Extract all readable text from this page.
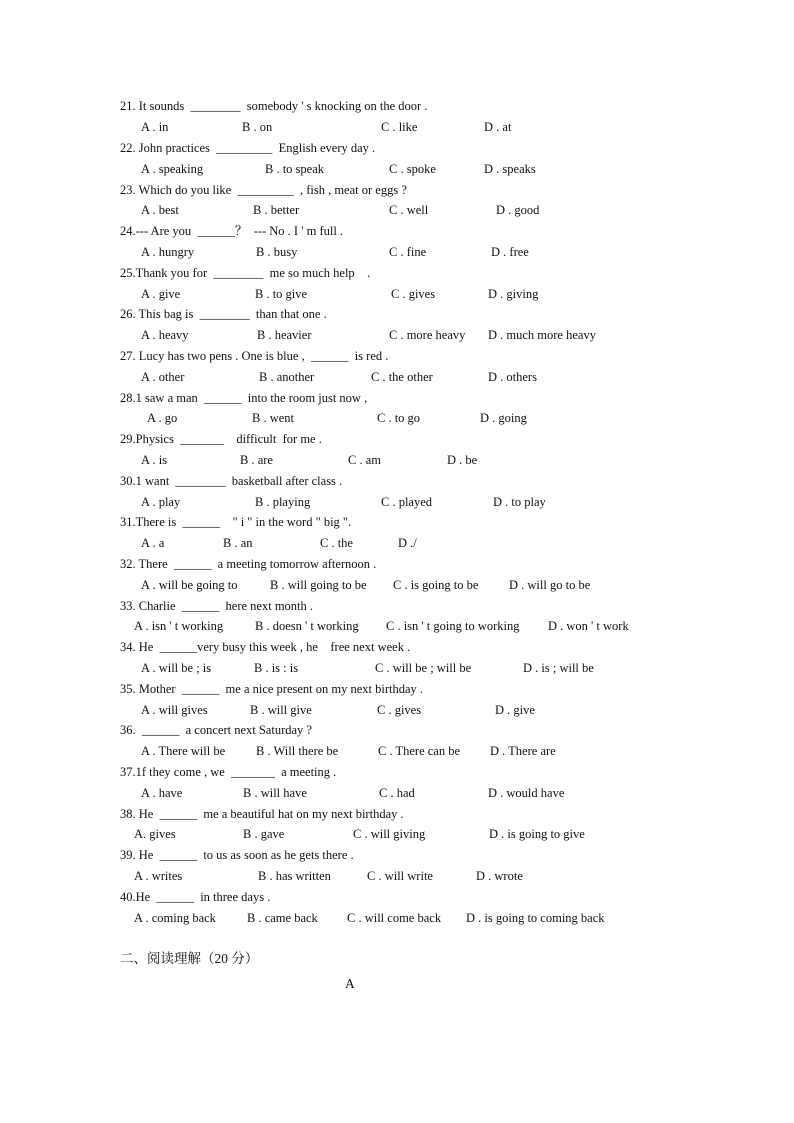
21. It sounds  ________  somebody ' s knocking on the door .

A . in

	B . on

	C . like

	D . at

22. John practices  _________  English every day .

A . speaking

	B . to speak

	C . spoke

	D . speaks

23. Which do you like  _________  , fish , meat or eggs ?

A . best

	B . better

	C . well

	D . good

24.--- Are you  ______？  --- No . I ' m full .

A . hungry

	B . busy

	C . fine

	D . free

25.Thank you for  ________  me so much help    .

A . give

	B . to give

	C . gives

	D . giving

26. This bag is  ________  than that one .

A . heavy

	B . heavier

	C . more heavy

D . much more heavy

27. Lucy has two pens . One is blue ,  ______  is red .

A . other

	B . another

	C . the other

	D . others

28.1 saw a man  ______  into the room just now ,

A . go

	B . went

	C . to go

	D . going

29.Physics  _______    difficult  for me .

A . is

	B . are

	C . am

	D . be

30.1 want  ________  basketball after class .

A . play

	B . playing

	C . played

	D . to play

31.There is  ______    " i " in the word " big ".

A . a

	B . an

	C . the

	D ./

32. There  ______  a meeting tomorrow afternoon .

A . will be going to

	B . will going to be

C . is going to be

D . will go to be

33. Charlie  ______  here next month .

A . isn ' t working

	B . doesn ' t working

C . isn ' t going to working

D . won ' t work

34. He  ______very busy this week , he    free next week .

A . will be ; is

	B . is : is

	C . will be ; will be

	D . is ; will be

35. Mother  ______  me a nice present on my next birthday .

A . will gives

	B . will give

	C . gives

	D . give

36.  ______  a concert next Saturday ?

A . There will be

B . Will there be

	C . There can be

D . There are

37.1f they come , we  _______  a meeting .

A . have

	B . will have

	C . had

	D . would have

38. He  ______  me a beautiful hat on my next birthday .

A. gives

	B . gave

	C . will giving

	D . is going to give

39. He  ______  to us as soon as he gets there .

A . writes

	B . has written

	C . will write

	D . wrote

40.He  ______  in three days .

A . coming back

B . came back

C . will come back

D . is going to coming back

二、阅读理解（20 分）
A
